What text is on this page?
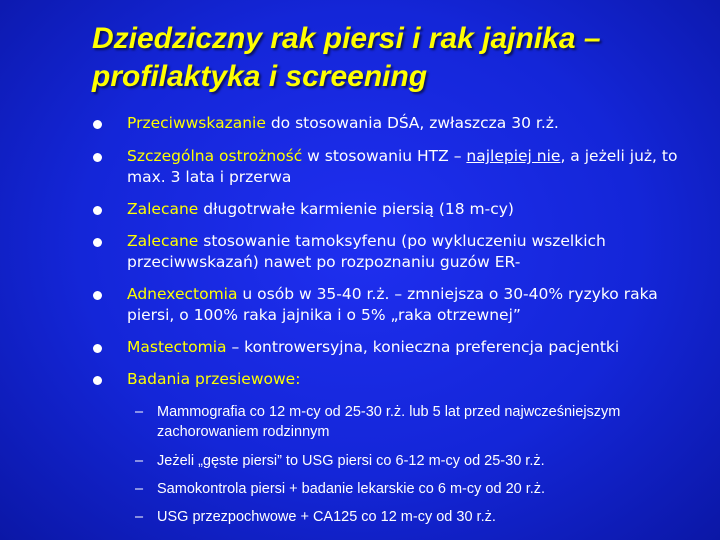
Dziedziczny rak piersi i rak jajnika –
profilaktyka i screening
Przeciwwskazanie do stosowania DŚA, zwłaszcza 30 r.ż.
Szczególna ostrożność w stosowaniu HTZ – najlepiej nie, a jeżeli już, to max. 3 lata i przerwa
Zalecane długotrwałe karmienie piersią (18 m-cy)
Zalecane stosowanie tamoksyfenu (po wykluczeniu wszelkich przeciwwskazań) nawet po rozpoznaniu guzów ER-
Adnexectomia u osób w 35-40 r.ż. – zmniejsza o 30-40% ryzyko raka piersi, o 100% raka jajnika i o 5% „raka otrzewnej”
Mastectomia – kontrowersyjna, konieczna preferencja pacjentki
Badania przesiewowe:
– Mammografia co 12 m-cy od 25-30 r.ż. lub 5 lat przed najwcześniejszym zachorowaniem rodzinnym
– Jeżeli „gęste piersi” to USG piersi co 6-12 m-cy od 25-30 r.ż.
– Samokontrola piersi + badanie lekarskie co 6 m-cy od 20 r.ż.
– USG przezpochwowe + CA125 co 12 m-cy od 30 r.ż.
